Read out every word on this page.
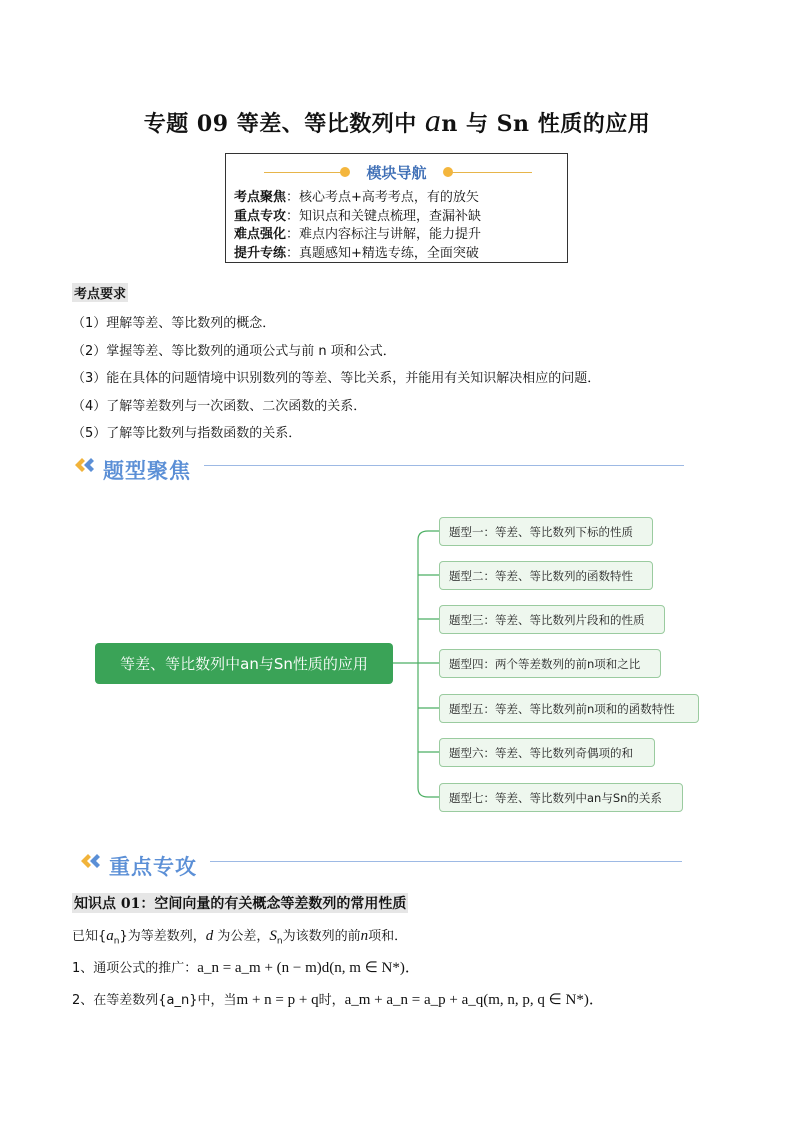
专题 09 等差、等比数列中 an 与 Sn 性质的应用
模块导航
考点聚焦：核心考点+高考考点，有的放矢
重点专攻：知识点和关键点梳理，查漏补缺
难点强化：难点内容标注与讲解，能力提升
提升专练：真题感知+精选专练，全面突破
考点要求
（1）理解等差、等比数列的概念．
（2）掌握等差、等比数列的通项公式与前 n 项和公式．
（3）能在具体的问题情境中识别数列的等差、等比关系，并能用有关知识解决相应的问题．
（4）了解等差数列与一次函数、二次函数的关系．
（5）了解等比数列与指数函数的关系．
题型聚焦
等差、等比数列中an与Sn性质的应用
题型一：等差、等比数列下标的性质
题型二：等差、等比数列的函数特性
题型三：等差、等比数列片段和的性质
题型四：两个等差数列的前n项和之比
题型五：等差、等比数列前n项和的函数特性
题型六：等差、等比数列奇偶项的和
题型七：等差、等比数列中an与Sn的关系
重点专攻
知识点 01：空间向量的有关概念等差数列的常用性质
已知$\{a_n\}$为等差数列，d 为公差，$S_n$为该数列的前n项和．
1、通项公式的推广：a_n = a_m + (n − m)d(n, m ∈ N*)．
2、在等差数列{a_n}中，当m + n = p + q时，a_m + a_n = a_p + a_q(m, n, p, q ∈ N*)．
